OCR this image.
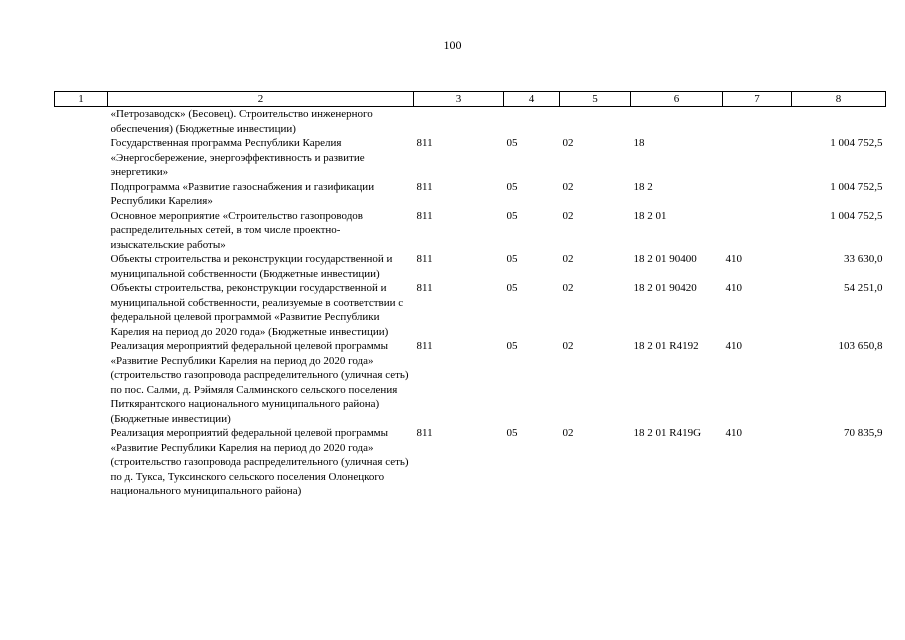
100
1	2	3	4	5	6	7	8
	«Петрозаводск» (Бесовец). Строительство инженерного обеспечения) (Бюджетные инвестиции)						
	Государственная программа Республики Карелия «Энергосбережение, энергоэффективность и развитие энергетики»	811	05	02	18		1 004 752,5
	Подпрограмма «Развитие газоснабжения и газификации Республики Карелия»	811	05	02	18 2		1 004 752,5
	Основное мероприятие «Строительство газопроводов распределительных сетей, в том числе проектно-изыскательские работы»	811	05	02	18 2 01		1 004 752,5
	Объекты строительства и реконструкции государственной и муниципальной собственности (Бюджетные инвестиции)	811	05	02	18 2 01 90400	410	33 630,0
	Объекты строительства, реконструкции государственной и муниципальной собственности, реализуемые в соответствии с федеральной целевой программой «Развитие Республики Карелия на период до 2020 года» (Бюджетные инвестиции)	811	05	02	18 2 01 90420	410	54 251,0
	Реализация мероприятий федеральной целевой программы «Развитие Республики Карелия на период до 2020 года» (строительство газопровода распределительного (уличная сеть) по пос. Салми, д. Рэймяля Салминского сельского поселения Питкярантского национального муниципального района) (Бюджетные инвестиции)	811	05	02	18 2 01 R4192	410	103 650,8
	Реализация мероприятий федеральной целевой программы «Развитие Республики Карелия на период до 2020 года» (строительство газопровода распределительного (уличная сеть) по д. Тукса, Туксинского сельского поселения Олонецкого национального муниципального района)	811	05	02	18 2 01 R419G	410	70 835,9
